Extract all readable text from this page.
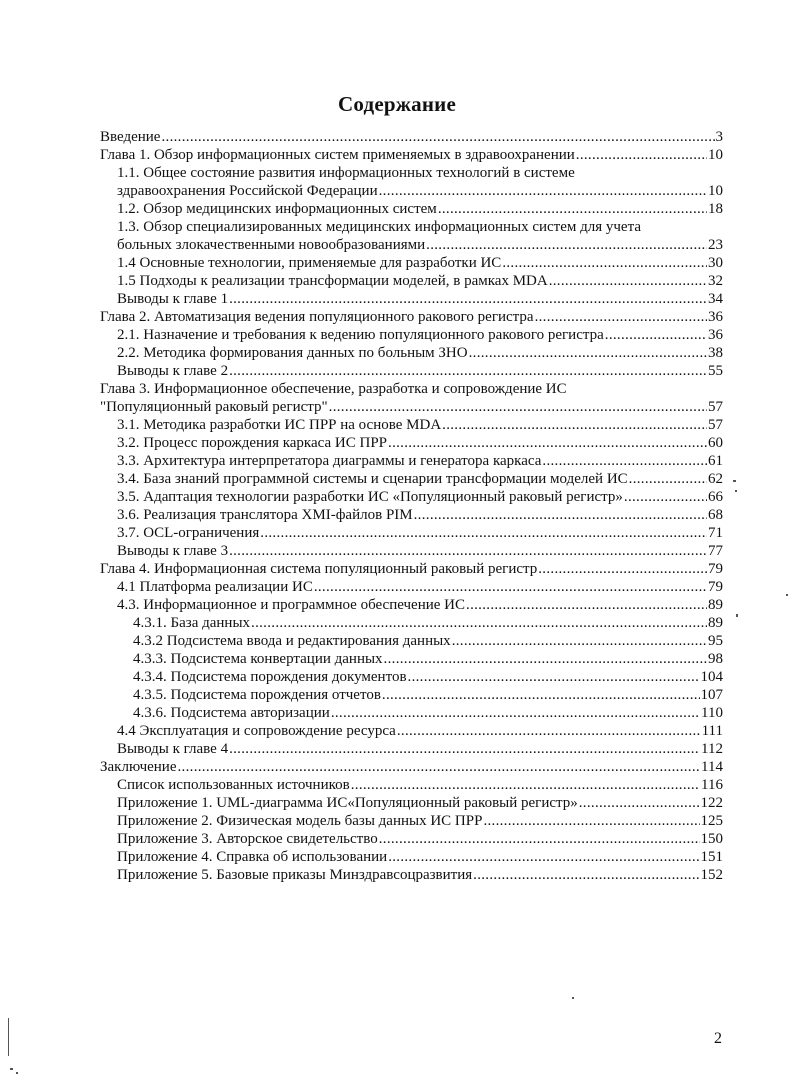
Содержание
Введение .....	3
Глава 1. Обзор информационных систем применяемых в здравоохранении .....	10
1.1. Общее состояние развития информационных технологий в системе
здравоохранения Российской Федерации .....	10
1.2. Обзор медицинских информационных систем .....	18
1.3. Обзор специализированных медицинских информационных систем для учета
больных злокачественными новообразованиями .....	23
1.4 Основные технологии, применяемые для разработки ИС .....	30
1.5 Подходы к реализации трансформации моделей, в рамках MDA .....	32
Выводы к главе 1 .....	34
Глава 2. Автоматизация ведения популяционного ракового регистра .....	36
2.1. Назначение и требования к ведению популяционного ракового регистра .....	36
2.2. Методика формирования данных по больным ЗНО .....	38
Выводы к главе 2 .....	55
Глава 3. Информационное обеспечение, разработка и сопровождение ИС
"Популяционный раковый регистр" .....	57
3.1. Методика разработки ИС ПРР на основе MDA .....	57
3.2. Процесс порождения каркаса ИС ПРР .....	60
3.3. Архитектура интерпретатора диаграммы и генератора каркаса .....	61
3.4. База знаний программной системы и сценарии трансформации моделей ИС .....	62
3.5. Адаптация технологии разработки ИС «Популяционный раковый регистр» .....	66
3.6. Реализация транслятора XMI-файлов PIM .....	68
3.7. OCL-ограничения .....	71
Выводы к главе 3 .....	77
Глава 4. Информационная система популяционный раковый регистр .....	79
4.1 Платформа реализации ИС .....	79
4.3. Информационное и программное обеспечение ИС .....	89
4.3.1. База данных .....	89
4.3.2 Подсистема ввода и редактирования данных .....	95
4.3.3. Подсистема конвертации данных .....	98
4.3.4. Подсистема порождения документов .....	104
4.3.5. Подсистема порождения отчетов .....	107
4.3.6. Подсистема авторизации .....	110
4.4 Эксплуатация и сопровождение ресурса .....	111
Выводы к главе 4 .....	112
Заключение .....	114
Список использованных источников .....	116
Приложение 1. UML-диаграмма ИС«Популяционный раковый регистр» .....	122
Приложение 2. Физическая модель базы данных ИС ПРР .....	125
Приложение 3. Авторское свидетельство .....	150
Приложение 4. Справка об использовании .....	151
Приложение 5. Базовые приказы Минздравсоцразвития .....	152
2
